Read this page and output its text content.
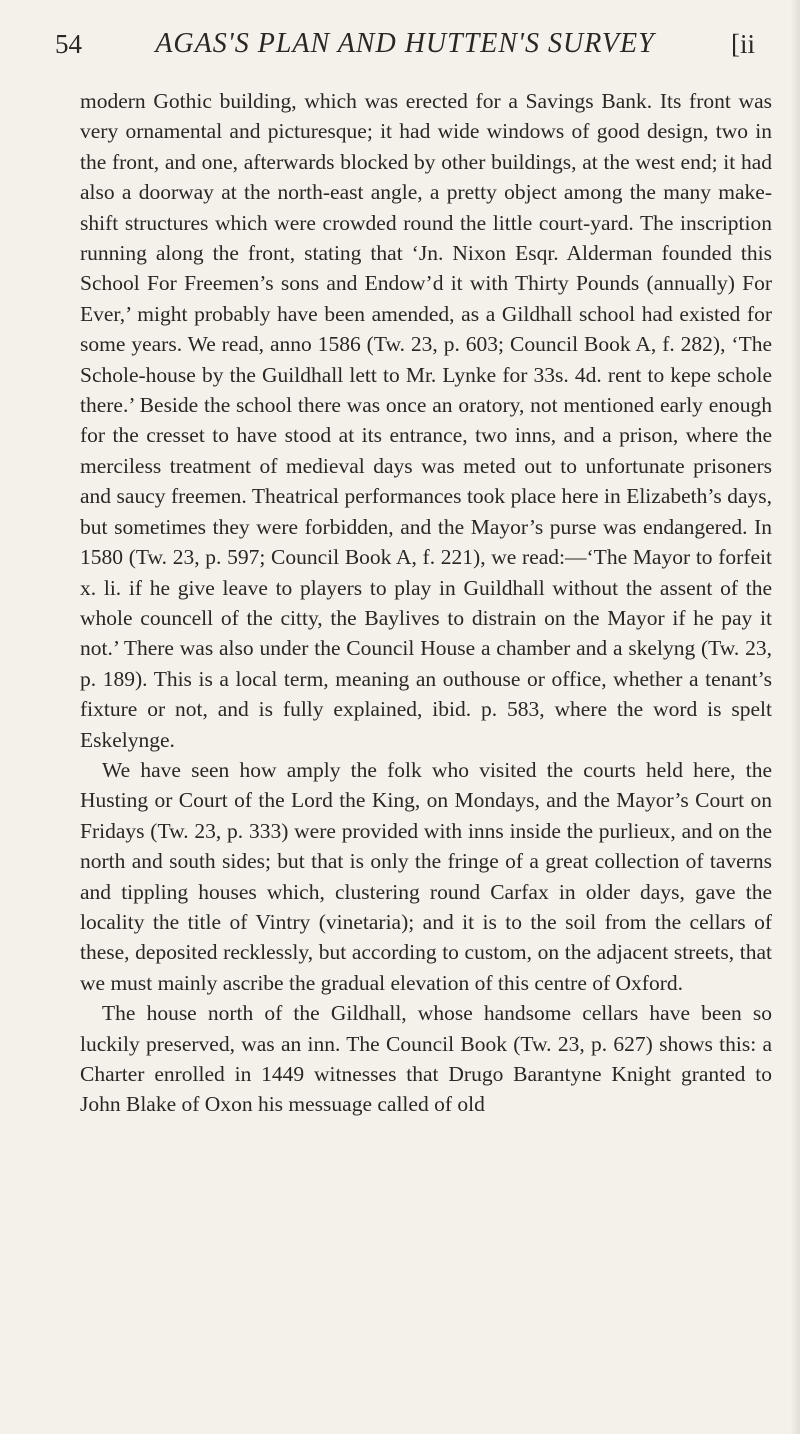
54	AGAS'S PLAN AND HUTTEN'S SURVEY	[ii

modern Gothic building, which was erected for a Savings Bank. Its front was very ornamental and picturesque; it had wide windows of good design, two in the front, and one, afterwards blocked by other buildings, at the west end; it had also a doorway at the north-east angle, a pretty object among the many make-shift structures which were crowded round the little court-yard. The inscription running along the front, stating that ‘Jn. Nixon Esqr. Alderman founded this School For Freemen’s sons and Endow’d it with Thirty Pounds (annually) For Ever,’ might probably have been amended, as a Gildhall school had existed for some years. We read, anno 1586 (Tw. 23, p. 603; Council Book A, f. 282), ‘The Schole-house by the Guildhall lett to Mr. Lynke for 33s. 4d. rent to kepe schole there.’ Beside the school there was once an oratory, not mentioned early enough for the cresset to have stood at its entrance, two inns, and a prison, where the merciless treatment of medieval days was meted out to unfortunate prisoners and saucy freemen. Theatrical performances took place here in Elizabeth’s days, but sometimes they were forbidden, and the Mayor’s purse was endangered. In 1580 (Tw. 23, p. 597; Council Book A, f. 221), we read:—‘The Mayor to forfeit x. li. if he give leave to players to play in Guildhall without the assent of the whole councell of the citty, the Baylives to distrain on the Mayor if he pay it not.’ There was also under the Council House a chamber and a skelyng (Tw. 23, p. 189). This is a local term, meaning an outhouse or office, whether a tenant’s fixture or not, and is fully explained, ibid. p. 583, where the word is spelt Eskelynge.

We have seen how amply the folk who visited the courts held here, the Husting or Court of the Lord the King, on Mondays, and the Mayor’s Court on Fridays (Tw. 23, p. 333) were provided with inns inside the purlieux, and on the north and south sides; but that is only the fringe of a great collection of taverns and tippling houses which, clustering round Carfax in older days, gave the locality the title of Vintry (vinetaria); and it is to the soil from the cellars of these, deposited recklessly, but according to custom, on the adjacent streets, that we must mainly ascribe the gradual elevation of this centre of Oxford.

The house north of the Gildhall, whose handsome cellars have been so luckily preserved, was an inn. The Council Book (Tw. 23, p. 627) shows this: a Charter enrolled in 1449 witnesses that Drugo Barantyne Knight granted to John Blake of Oxon his messuage called of old
